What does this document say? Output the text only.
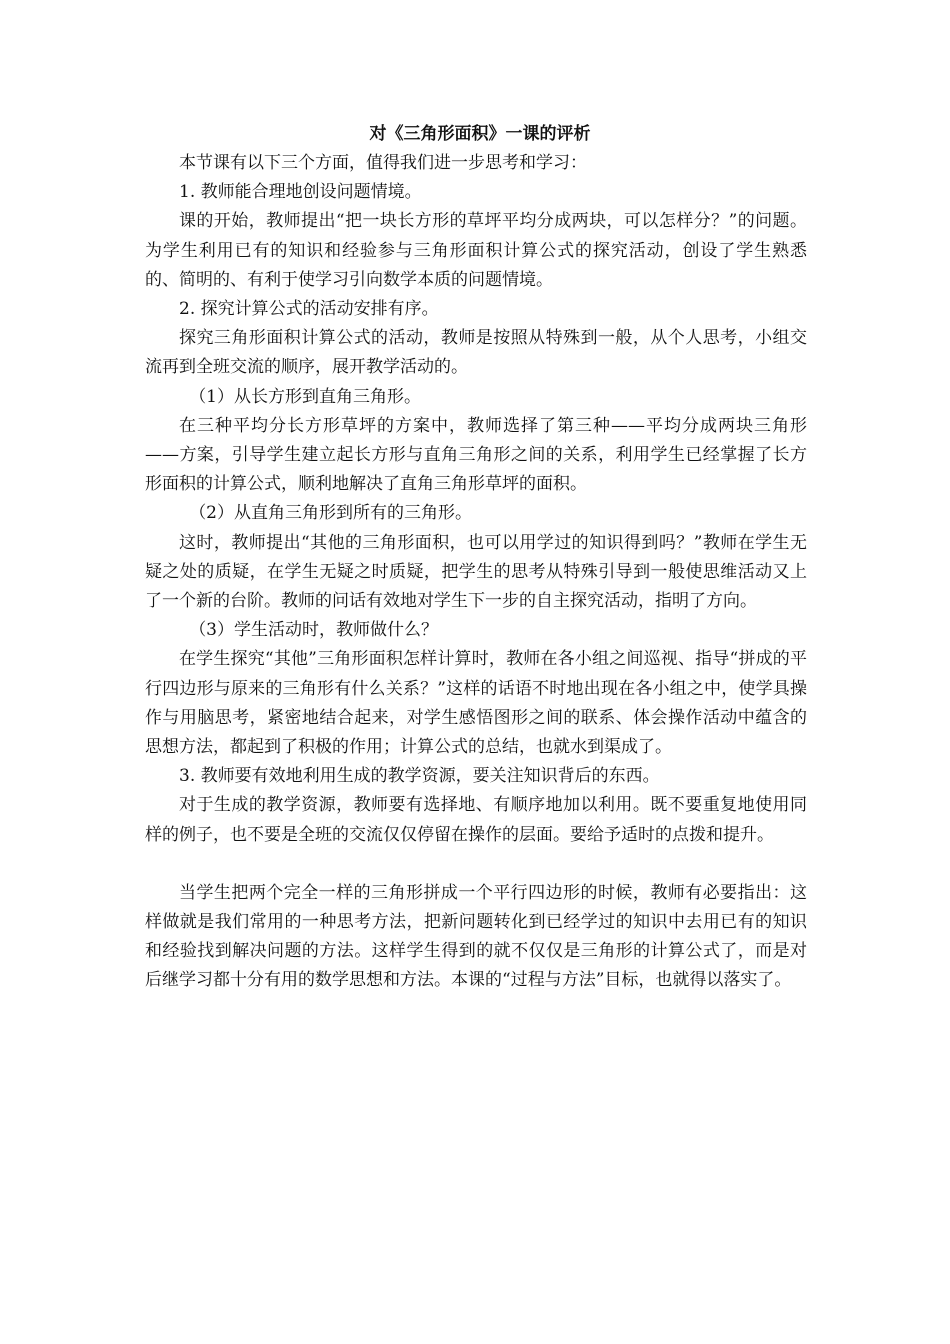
对《三角形面积》一课的评析

本节课有以下三个方面，值得我们进一步思考和学习：

1. 教师能合理地创设问题情境。

课的开始，教师提出“把一块长方形的草坪平均分成两块，可以怎样分？”的问题。为学生利用已有的知识和经验参与三角形面积计算公式的探究活动，创设了学生熟悉的、简明的、有利于使学习引向数学本质的问题情境。

2. 探究计算公式的活动安排有序。

探究三角形面积计算公式的活动，教师是按照从特殊到一般，从个人思考，小组交流再到全班交流的顺序，展开教学活动的。

（1）从长方形到直角三角形。

在三种平均分长方形草坪的方案中，教师选择了第三种——平均分成两块三角形——方案，引导学生建立起长方形与直角三角形之间的关系，利用学生已经掌握了长方形面积的计算公式，顺利地解决了直角三角形草坪的面积。

（2）从直角三角形到所有的三角形。

这时，教师提出“其他的三角形面积，也可以用学过的知识得到吗？”教师在学生无疑之处的质疑，在学生无疑之时质疑，把学生的思考从特殊引导到一般使思维活动又上了一个新的台阶。教师的问话有效地对学生下一步的自主探究活动，指明了方向。

（3）学生活动时，教师做什么？

在学生探究“其他”三角形面积怎样计算时，教师在各小组之间巡视、指导“拼成的平行四边形与原来的三角形有什么关系？”这样的话语不时地出现在各小组之中，使学具操作与用脑思考，紧密地结合起来，对学生感悟图形之间的联系、体会操作活动中蕴含的思想方法，都起到了积极的作用；计算公式的总结，也就水到渠成了。

3. 教师要有效地利用生成的教学资源，要关注知识背后的东西。

对于生成的教学资源，教师要有选择地、有顺序地加以利用。既不要重复地使用同样的例子，也不要是全班的交流仅仅停留在操作的层面。要给予适时的点拨和提升。

当学生把两个完全一样的三角形拼成一个平行四边形的时候，教师有必要指出：这样做就是我们常用的一种思考方法，把新问题转化到已经学过的知识中去用已有的知识和经验找到解决问题的方法。这样学生得到的就不仅仅是三角形的计算公式了，而是对后继学习都十分有用的数学思想和方法。本课的“过程与方法”目标，也就得以落实了。
